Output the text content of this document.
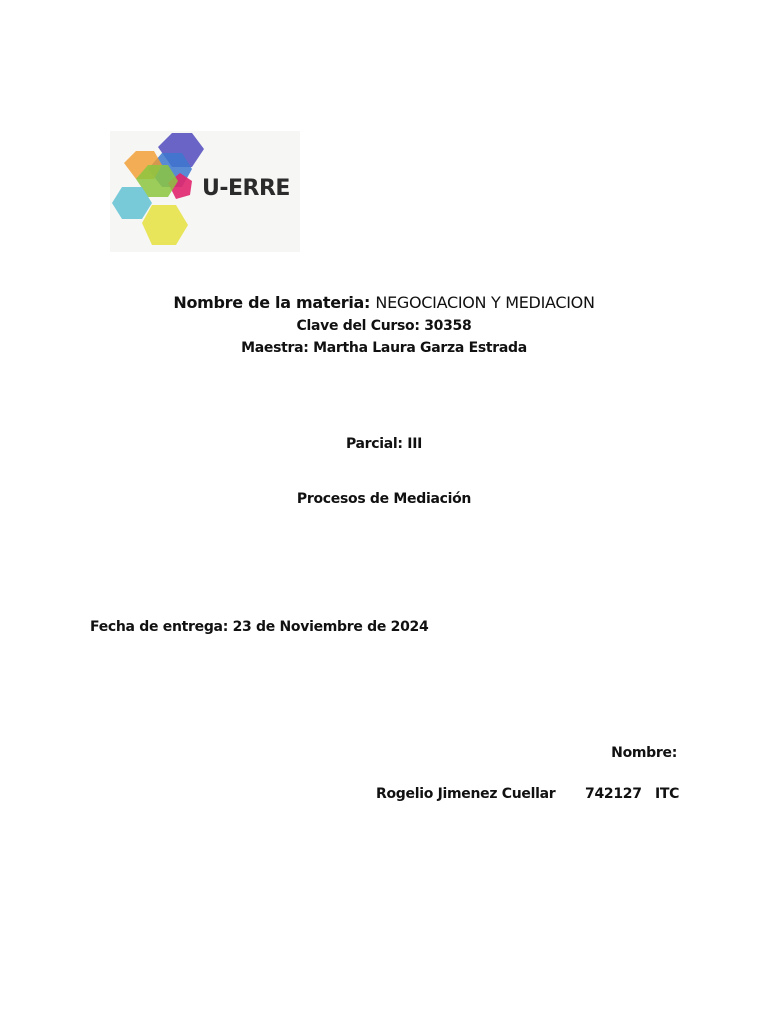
U-ERRE
Nombre de la materia: NEGOCIACION Y MEDIACION
Clave del Curso: 30358
Maestra: Martha Laura Garza Estrada
Parcial: III
Procesos de Mediación
Fecha de entrega: 23 de Noviembre de 2024
Nombre:
Rogelio Jimenez Cuellar 742127 ITC
